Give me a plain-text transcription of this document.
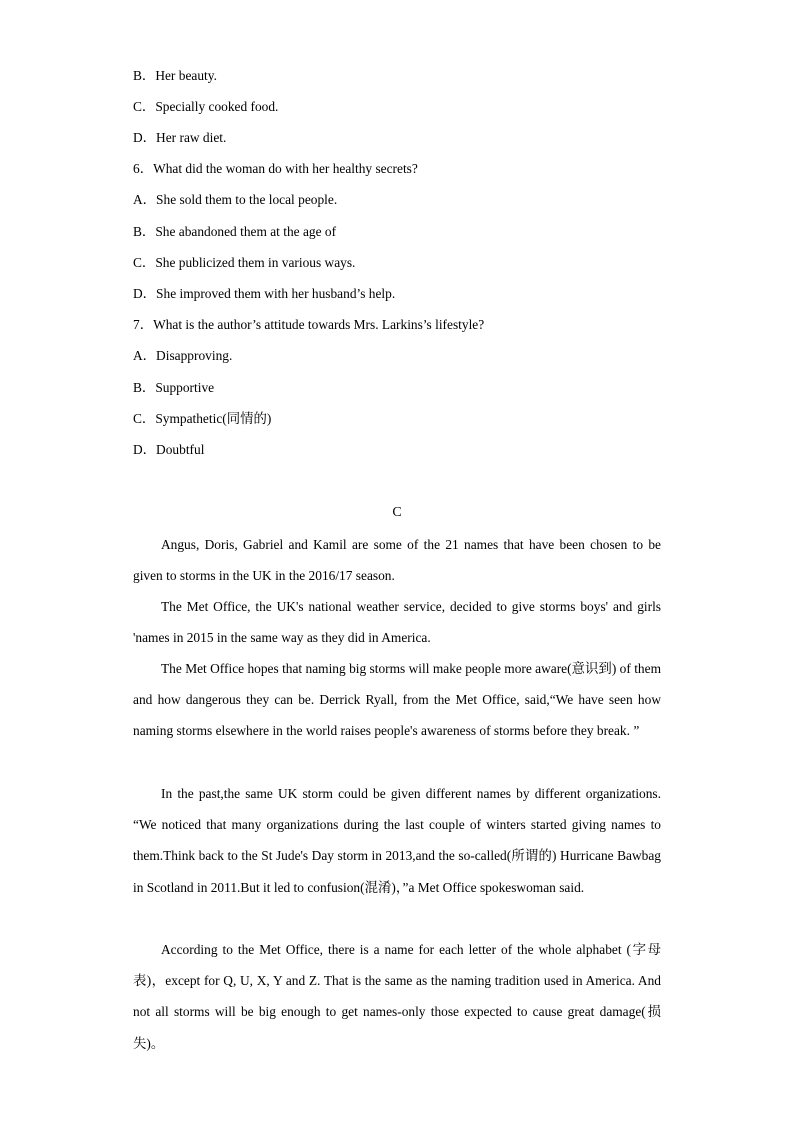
B．Her beauty.
C．Specially cooked food.
D．Her raw diet.
6．What did the woman do with her healthy secrets?
A．She sold them to the local people.
B．She abandoned them at the age of
C．She publicized them in various ways.
D．She improved them with her husband’s help.
7．What is the author’s attitude towards Mrs. Larkins’s lifestyle?
A．Disapproving.
B．Supportive
C．Sympathetic(同情的)
D．Doubtful
C

Angus, Doris, Gabriel and Kamil are some of the 21 names that have been chosen to be given to storms in the UK in the 2016/17 season.

The Met Office, the UK's national weather service, decided to give storms boys' and girls 'names in 2015 in the same way as they did in America.

The Met Office hopes that naming big storms will make people more aware(意识到) of them and how dangerous they can be. Derrick Ryall, from the Met Office, said,“We have seen how naming storms elsewhere in the world raises people's awareness of storms before they break. ”

In the past,the same UK storm could be given different names by different organizations. “We noticed that many organizations during the last couple of winters started giving names to them.Think back to the St Jude's Day storm in 2013,and the so-called(所谓的) Hurricane Bawbag in Scotland in 2011.But it led to confusion(混淆)，”a Met Office spokeswoman said.

According to the Met Office, there is a name for each letter of the whole alphabet (字母表)，except for Q, U, X, Y and Z. That is the same as the naming tradition used in America. And not all storms will be big enough to get names-only those expected to cause great damage(损失)。
